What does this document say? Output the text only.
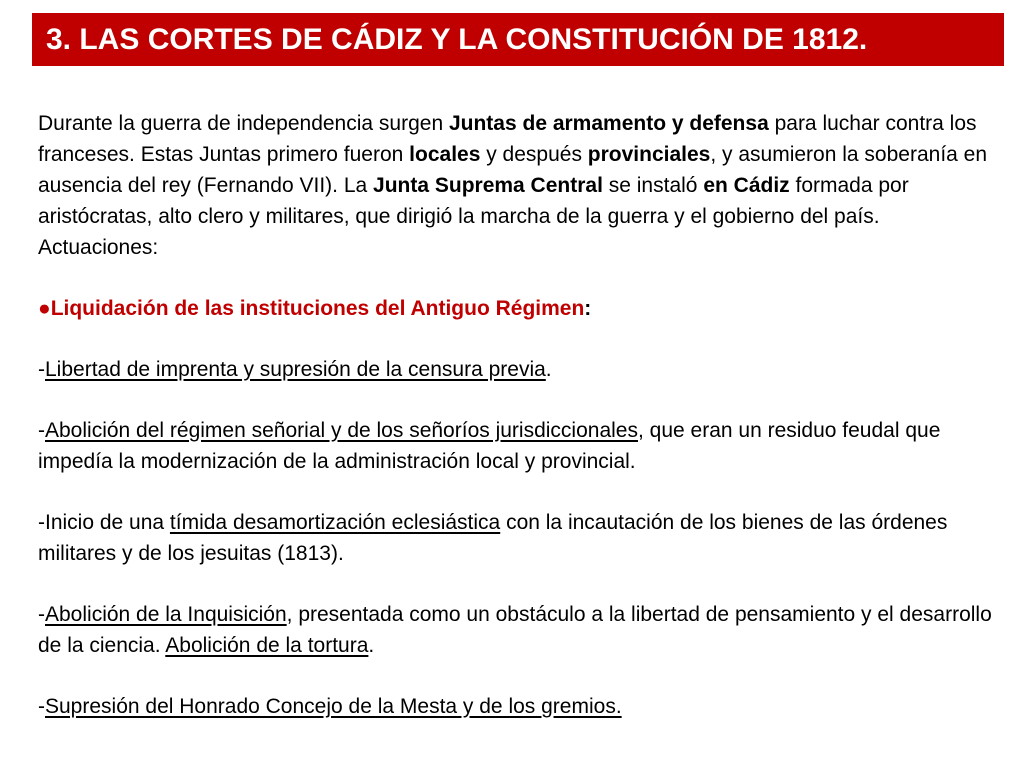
3. LAS CORTES DE CÁDIZ Y LA CONSTITUCIÓN DE 1812.

Durante la guerra de independencia surgen Juntas de armamento y defensa para luchar contra los franceses. Estas Juntas primero fueron locales y después provinciales, y asumieron la soberanía en ausencia del rey (Fernando VII). La Junta Suprema Central se instaló en Cádiz formada por aristócratas, alto clero y militares, que dirigió la marcha de la guerra y el gobierno del país. Actuaciones:

●Liquidación de las instituciones del Antiguo Régimen:

-Libertad de imprenta y supresión de la censura previa.

-Abolición del régimen señorial y de los señoríos jurisdiccionales, que eran un residuo feudal que impedía la modernización de la administración local y provincial.

-Inicio de una tímida desamortización eclesiástica con la incautación de los bienes de las órdenes militares y de los jesuitas (1813).

-Abolición de la Inquisición, presentada como un obstáculo a la libertad de pensamiento y el desarrollo de la ciencia. Abolición de la tortura.

-Supresión del Honrado Concejo de la Mesta y de los gremios.
